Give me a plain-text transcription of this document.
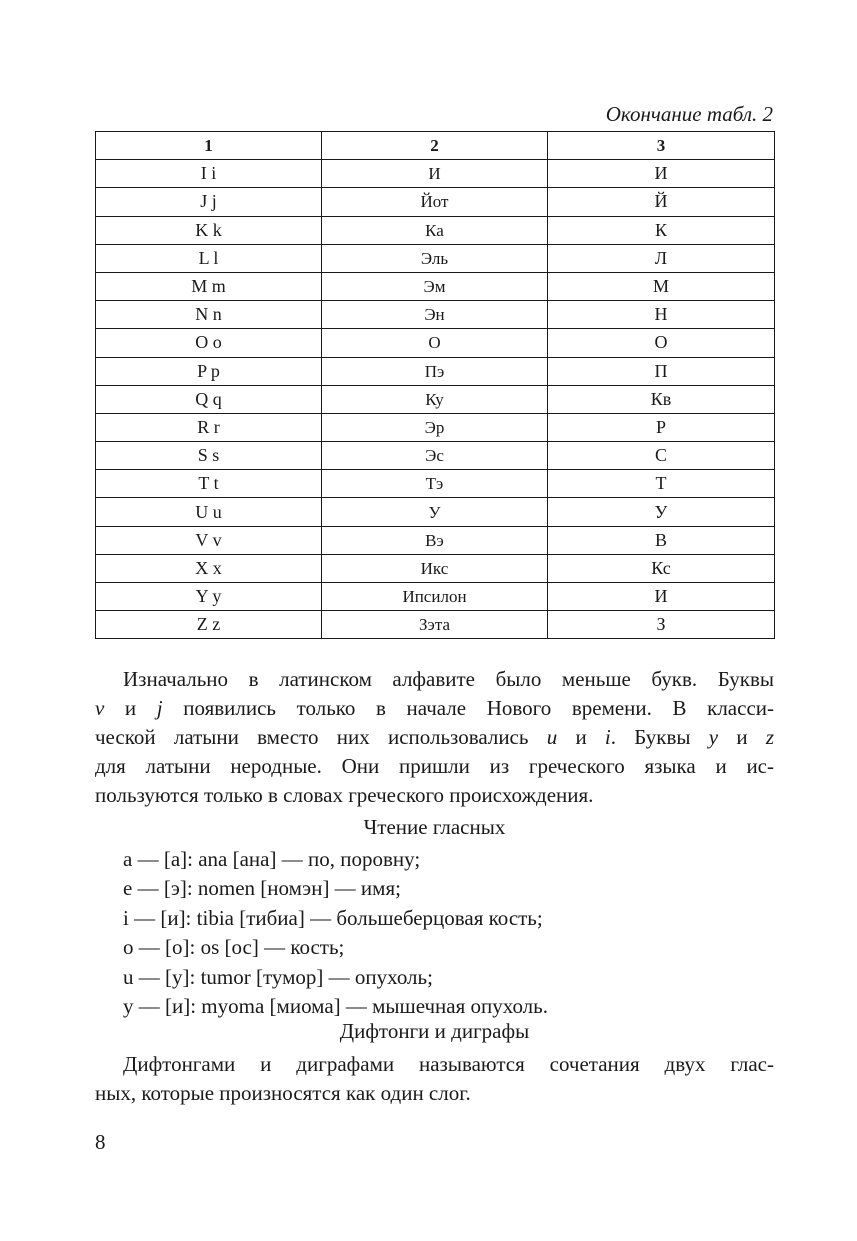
Окончание табл. 2
1	2	3
I i	И	И
J j	Йот	Й
K k	Ка	К
L l	Эль	Л
M m	Эм	М
N n	Эн	Н
O o	О	О
P p	Пэ	П
Q q	Ку	Кв
R r	Эр	Р
S s	Эс	С
T t	Тэ	Т
U u	У	У
V v	Вэ	В
X x	Икс	Кс
Y y	Ипсилон	И
Z z	Зэта	З
Изначально в латинском алфавите было меньше букв. Буквы
v и j появились только в начале Нового времени. В класси-
ческой латыни вместо них использовались u и i. Буквы y и z
для латыни неродные. Они пришли из греческого языка и ис-
пользуются только в словах греческого происхождения.
Чтение гласных
a — [а]: ana [ана] — по, поровну;
e — [э]: nomen [номэн] — имя;
i — [и]: tibia [тибиа] — большеберцовая кость;
o — [о]: os [ос] — кость;
u — [у]: tumor [тумор] — опухоль;
y — [и]: myoma [миома] — мышечная опухоль.
Дифтонги и диграфы
Дифтонгами и диграфами называются сочетания двух глас-
ных, которые произносятся как один слог.
8
